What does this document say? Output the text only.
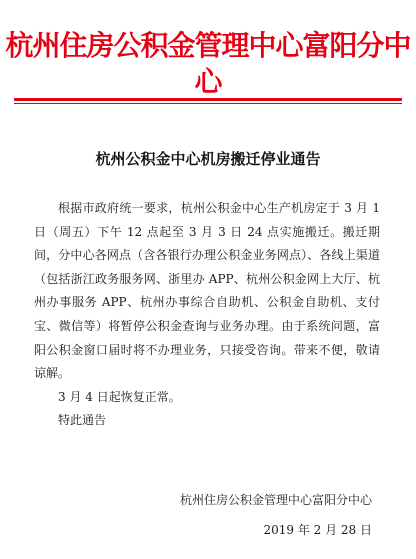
杭州住房公积金管理中心富阳分中心
杭州公积金中心机房搬迁停业通告

根据市政府统一要求，杭州公积金中心生产机房定于 3 月 1 日（周五）下午 12 点起至 3 月 3 日 24 点实施搬迁。搬迁期间，分中心各网点（含各银行办理公积金业务网点）、各线上渠道（包括浙江政务服务网、浙里办 APP、杭州公积金网上大厅、杭州办事服务 APP、杭州办事综合自助机、公积金自助机、支付宝、微信等）将暂停公积金查询与业务办理。由于系统问题，富阳公积金窗口届时将不办理业务，只接受咨询。带来不便，敬请谅解。

3 月 4 日起恢复正常。

特此通告

杭州住房公积金管理中心富阳分中心
2019 年 2 月 28 日
